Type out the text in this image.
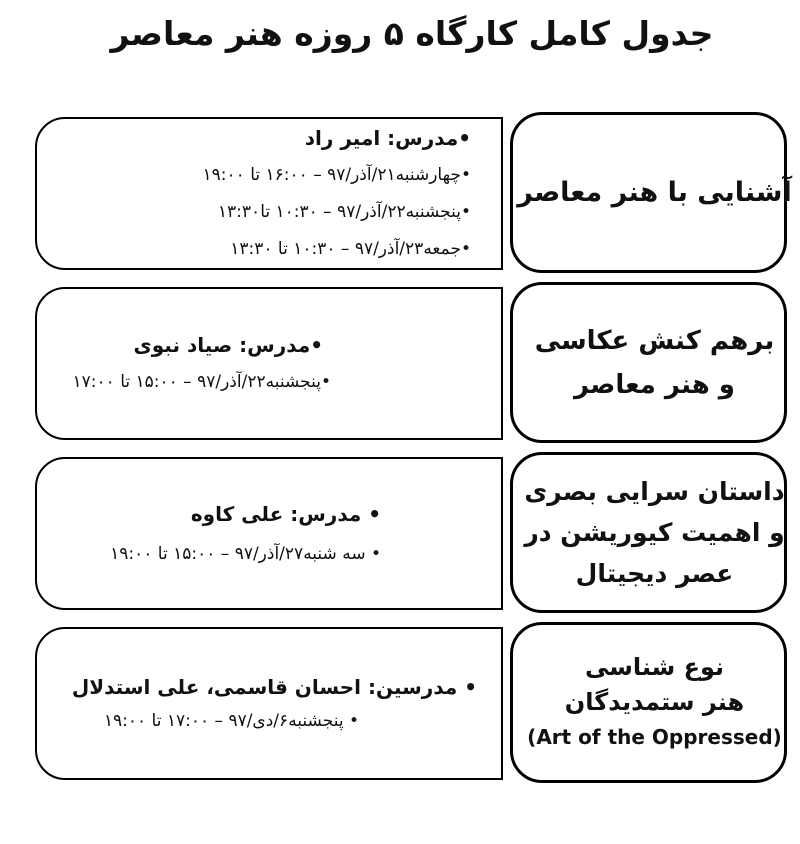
جدول کامل کارگاه ۵ روزه هنر معاصر
•مدرس: امیر راد
•چهارشنبه۲۱/آذر/۹۷ – ۱۶:۰۰ تا ۱۹:۰۰
•پنجشنبه۲۲/آذر/۹۷ – ۱۰:۳۰ تا۱۳:۳۰
•جمعه۲۳/آذر/۹۷ – ۱۰:۳۰ تا ۱۳:۳۰
آشنایی با هنر معاصر
•مدرس: صیاد نبوی
•پنجشنبه۲۲/آذر/۹۷ – ۱۵:۰۰ تا ۱۷:۰۰
برهم کنش عکاسی
و هنر معاصر
• مدرس: علی کاوه
• سه شنبه۲۷/آذر/۹۷ – ۱۵:۰۰ تا ۱۹:۰۰
داستان سرایی بصری
و اهمیت کیوریشن در
عصر دیجیتال
• مدرسین: احسان قاسمی، علی استدلال
• پنجشنبه۶/دی/۹۷ – ۱۷:۰۰ تا ۱۹:۰۰
نوع شناسی
هنر ستمدیدگان
(Art of the Oppressed)
